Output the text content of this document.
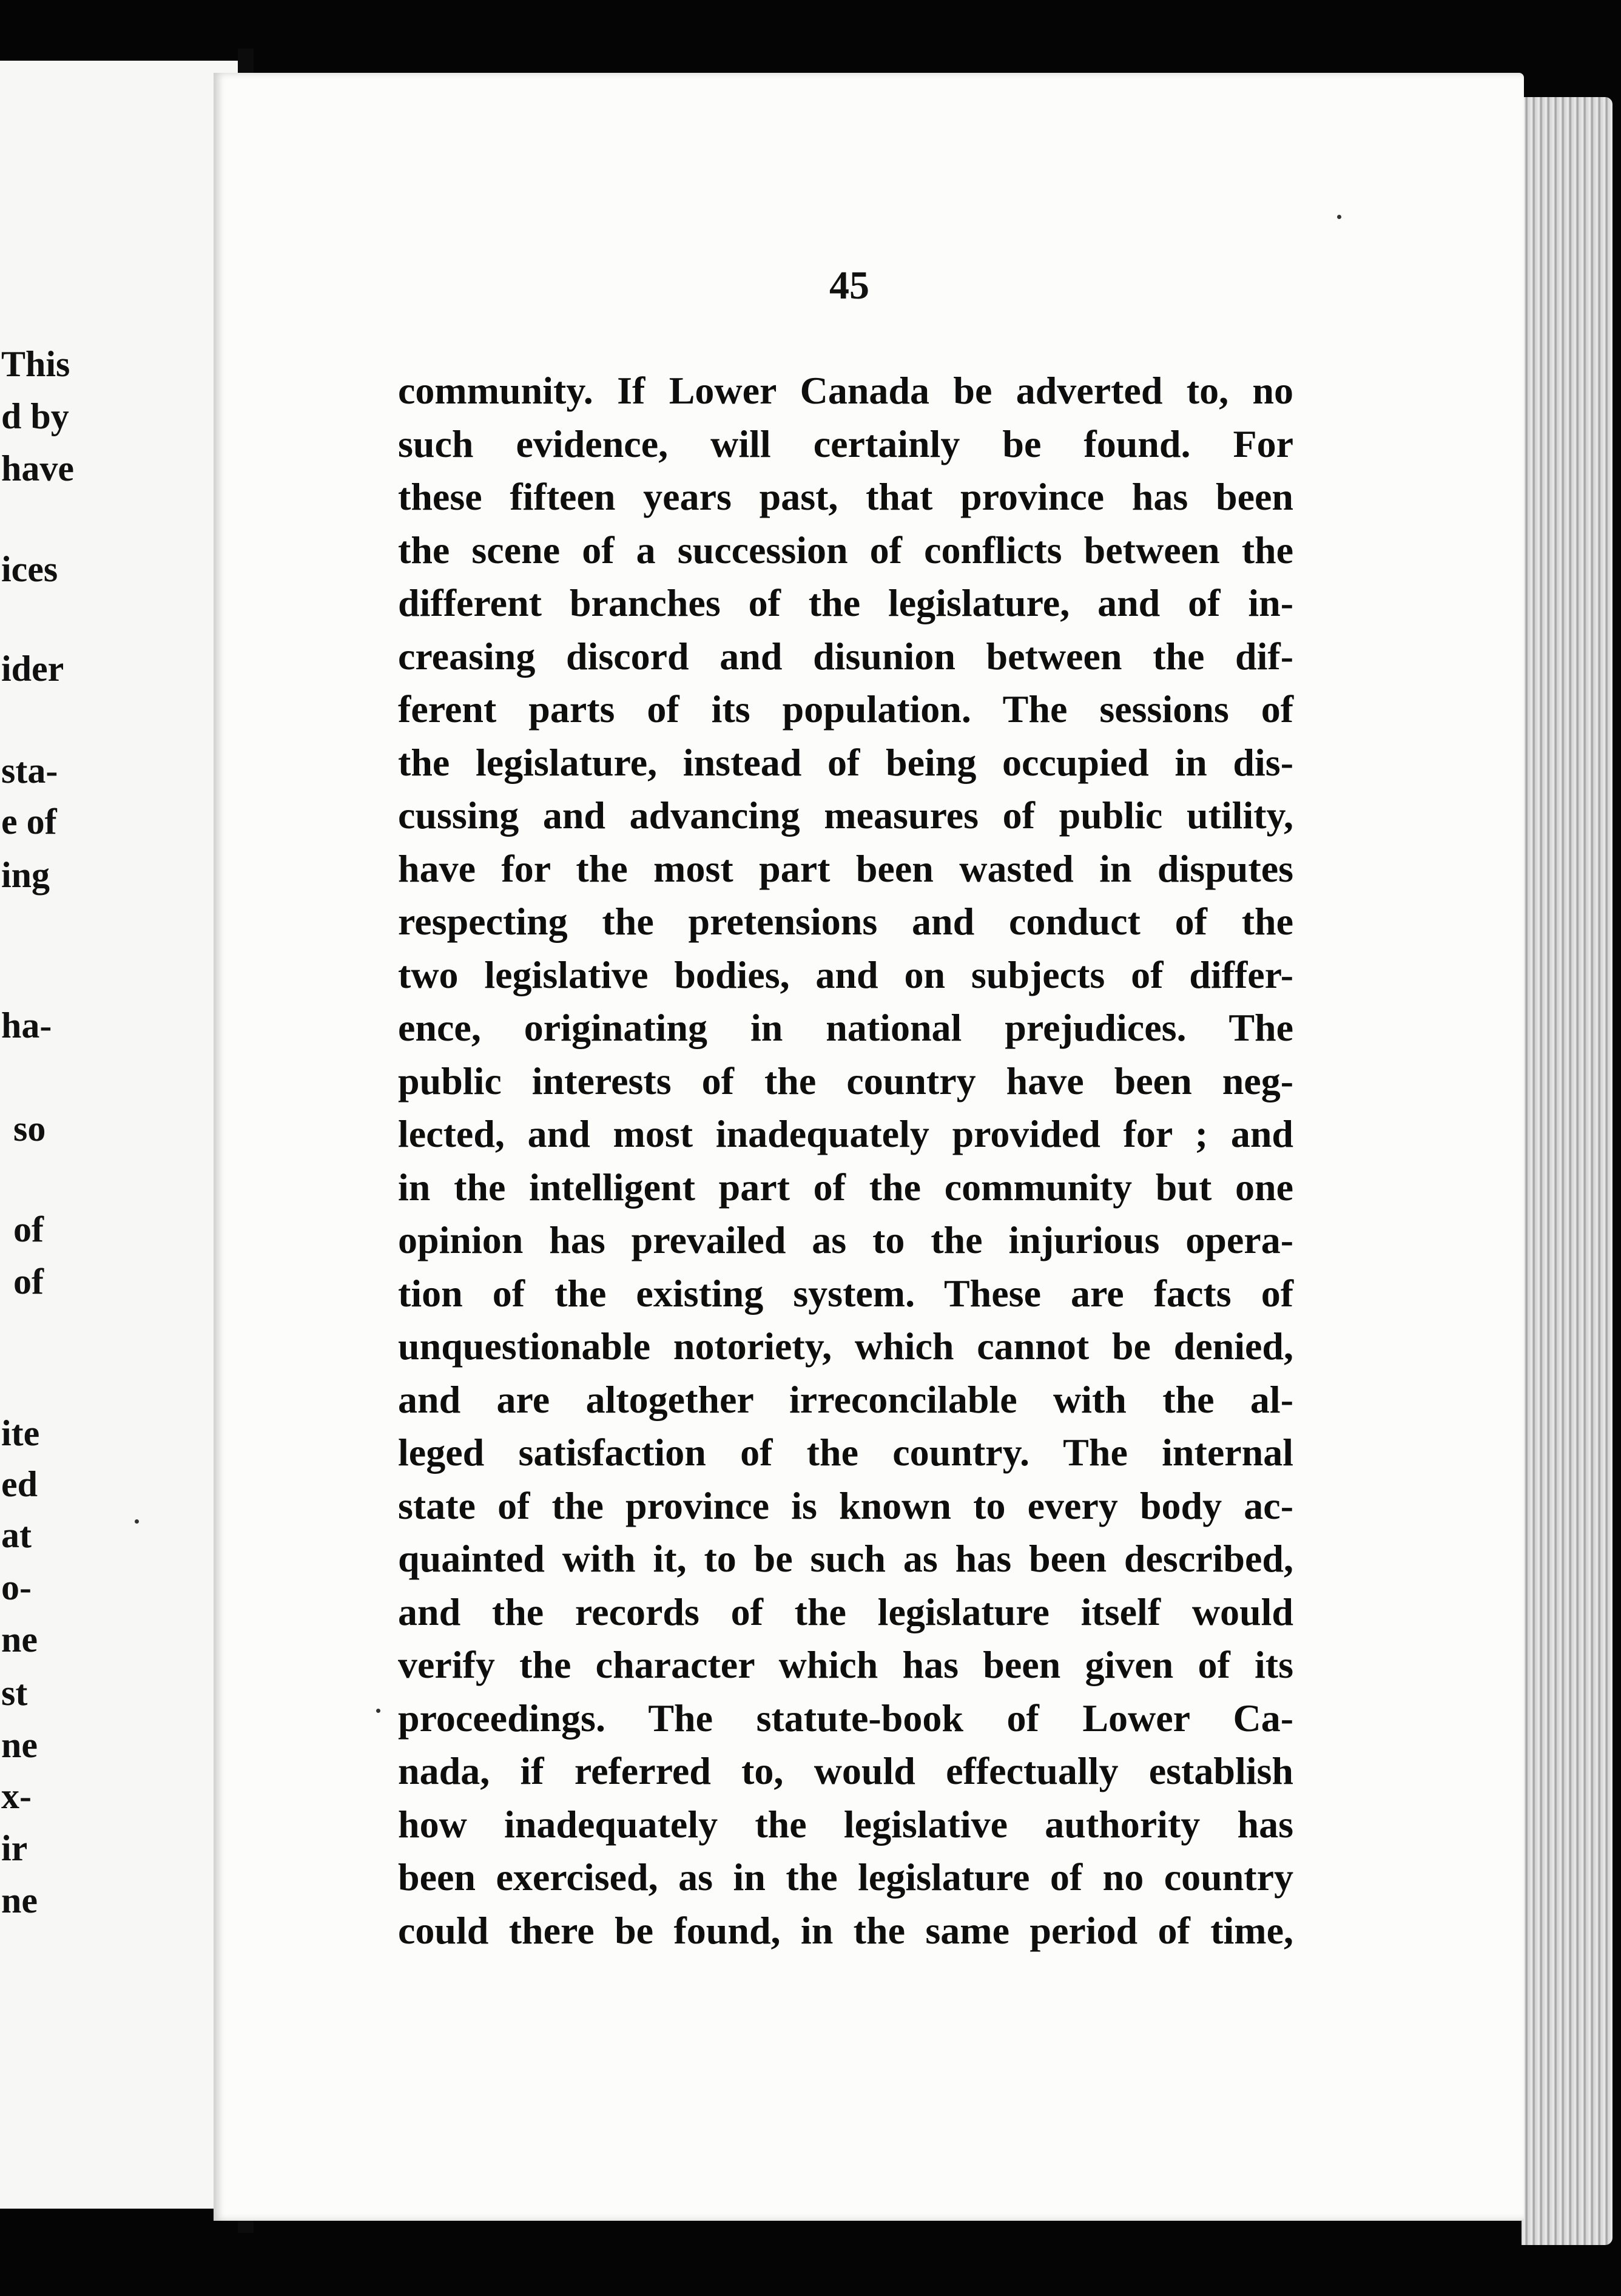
This
d by
have
ices
ider
sta-
e of
ing
ha-
so
of
of
ite
ed
at
o-
ne
st
ne
x-
ir
ne
45
community. If Lower Canada be adverted to, no
such evidence, will certainly be found. For
these fifteen years past, that province has been
the scene of a succession of conflicts between the
different branches of the legislature, and of in-
creasing discord and disunion between the dif-
ferent parts of its population. The sessions of
the legislature, instead of being occupied in dis-
cussing and advancing measures of public utility,
have for the most part been wasted in disputes
respecting the pretensions and conduct of the
two legislative bodies, and on subjects of differ-
ence, originating in national prejudices. The
public interests of the country have been neg-
lected, and most inadequately provided for ; and
in the intelligent part of the community but one
opinion has prevailed as to the injurious opera-
tion of the existing system. These are facts of
unquestionable notoriety, which cannot be denied,
and are altogether irreconcilable with the al-
leged satisfaction of the country. The internal
state of the province is known to every body ac-
quainted with it, to be such as has been described,
and the records of the legislature itself would
verify the character which has been given of its
proceedings. The statute-book of Lower Ca-
nada, if referred to, would effectually establish
how inadequately the legislative authority has
been exercised, as in the legislature of no country
could there be found, in the same period of time,
